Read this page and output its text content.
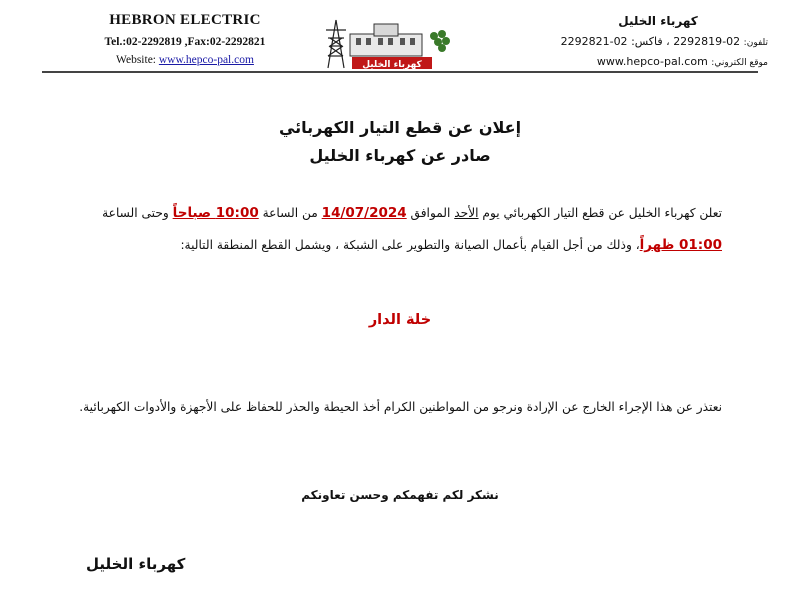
HEBRON ELECTRIC
Tel.:02-2292819 ,Fax:02-2292821
Website: www.hepco-pal.com	كهرباء الخليل
كهرباء الخليل
تلفون: 02-2292819 ، فاكس: 02-2292821
موقع الكتروني: www.hepco-pal.com
إعلان عن قطع التيار الكهربائي
صادر عن كهرباء الخليل
تعلن كهرباء الخليل عن قطع التيار الكهربائي يوم الأحد الموافق 14/07/2024 من الساعة 10:00 صباحاً وحتى الساعة 01:00 ظهراً، وذلك من أجل القيام بأعمال الصيانة والتطوير على الشبكة ، ويشمل القطع المنطقة التالية:
خلة الدار
نعتذر عن هذا الإجراء الخارج عن الإرادة ونرجو من المواطنين الكرام أخذ الحيطة والحذر للحفاظ على الأجهزة والأدوات الكهربائية.
نشكر لكم تفهمكم وحسن تعاونكم
كهرباء الخليل
